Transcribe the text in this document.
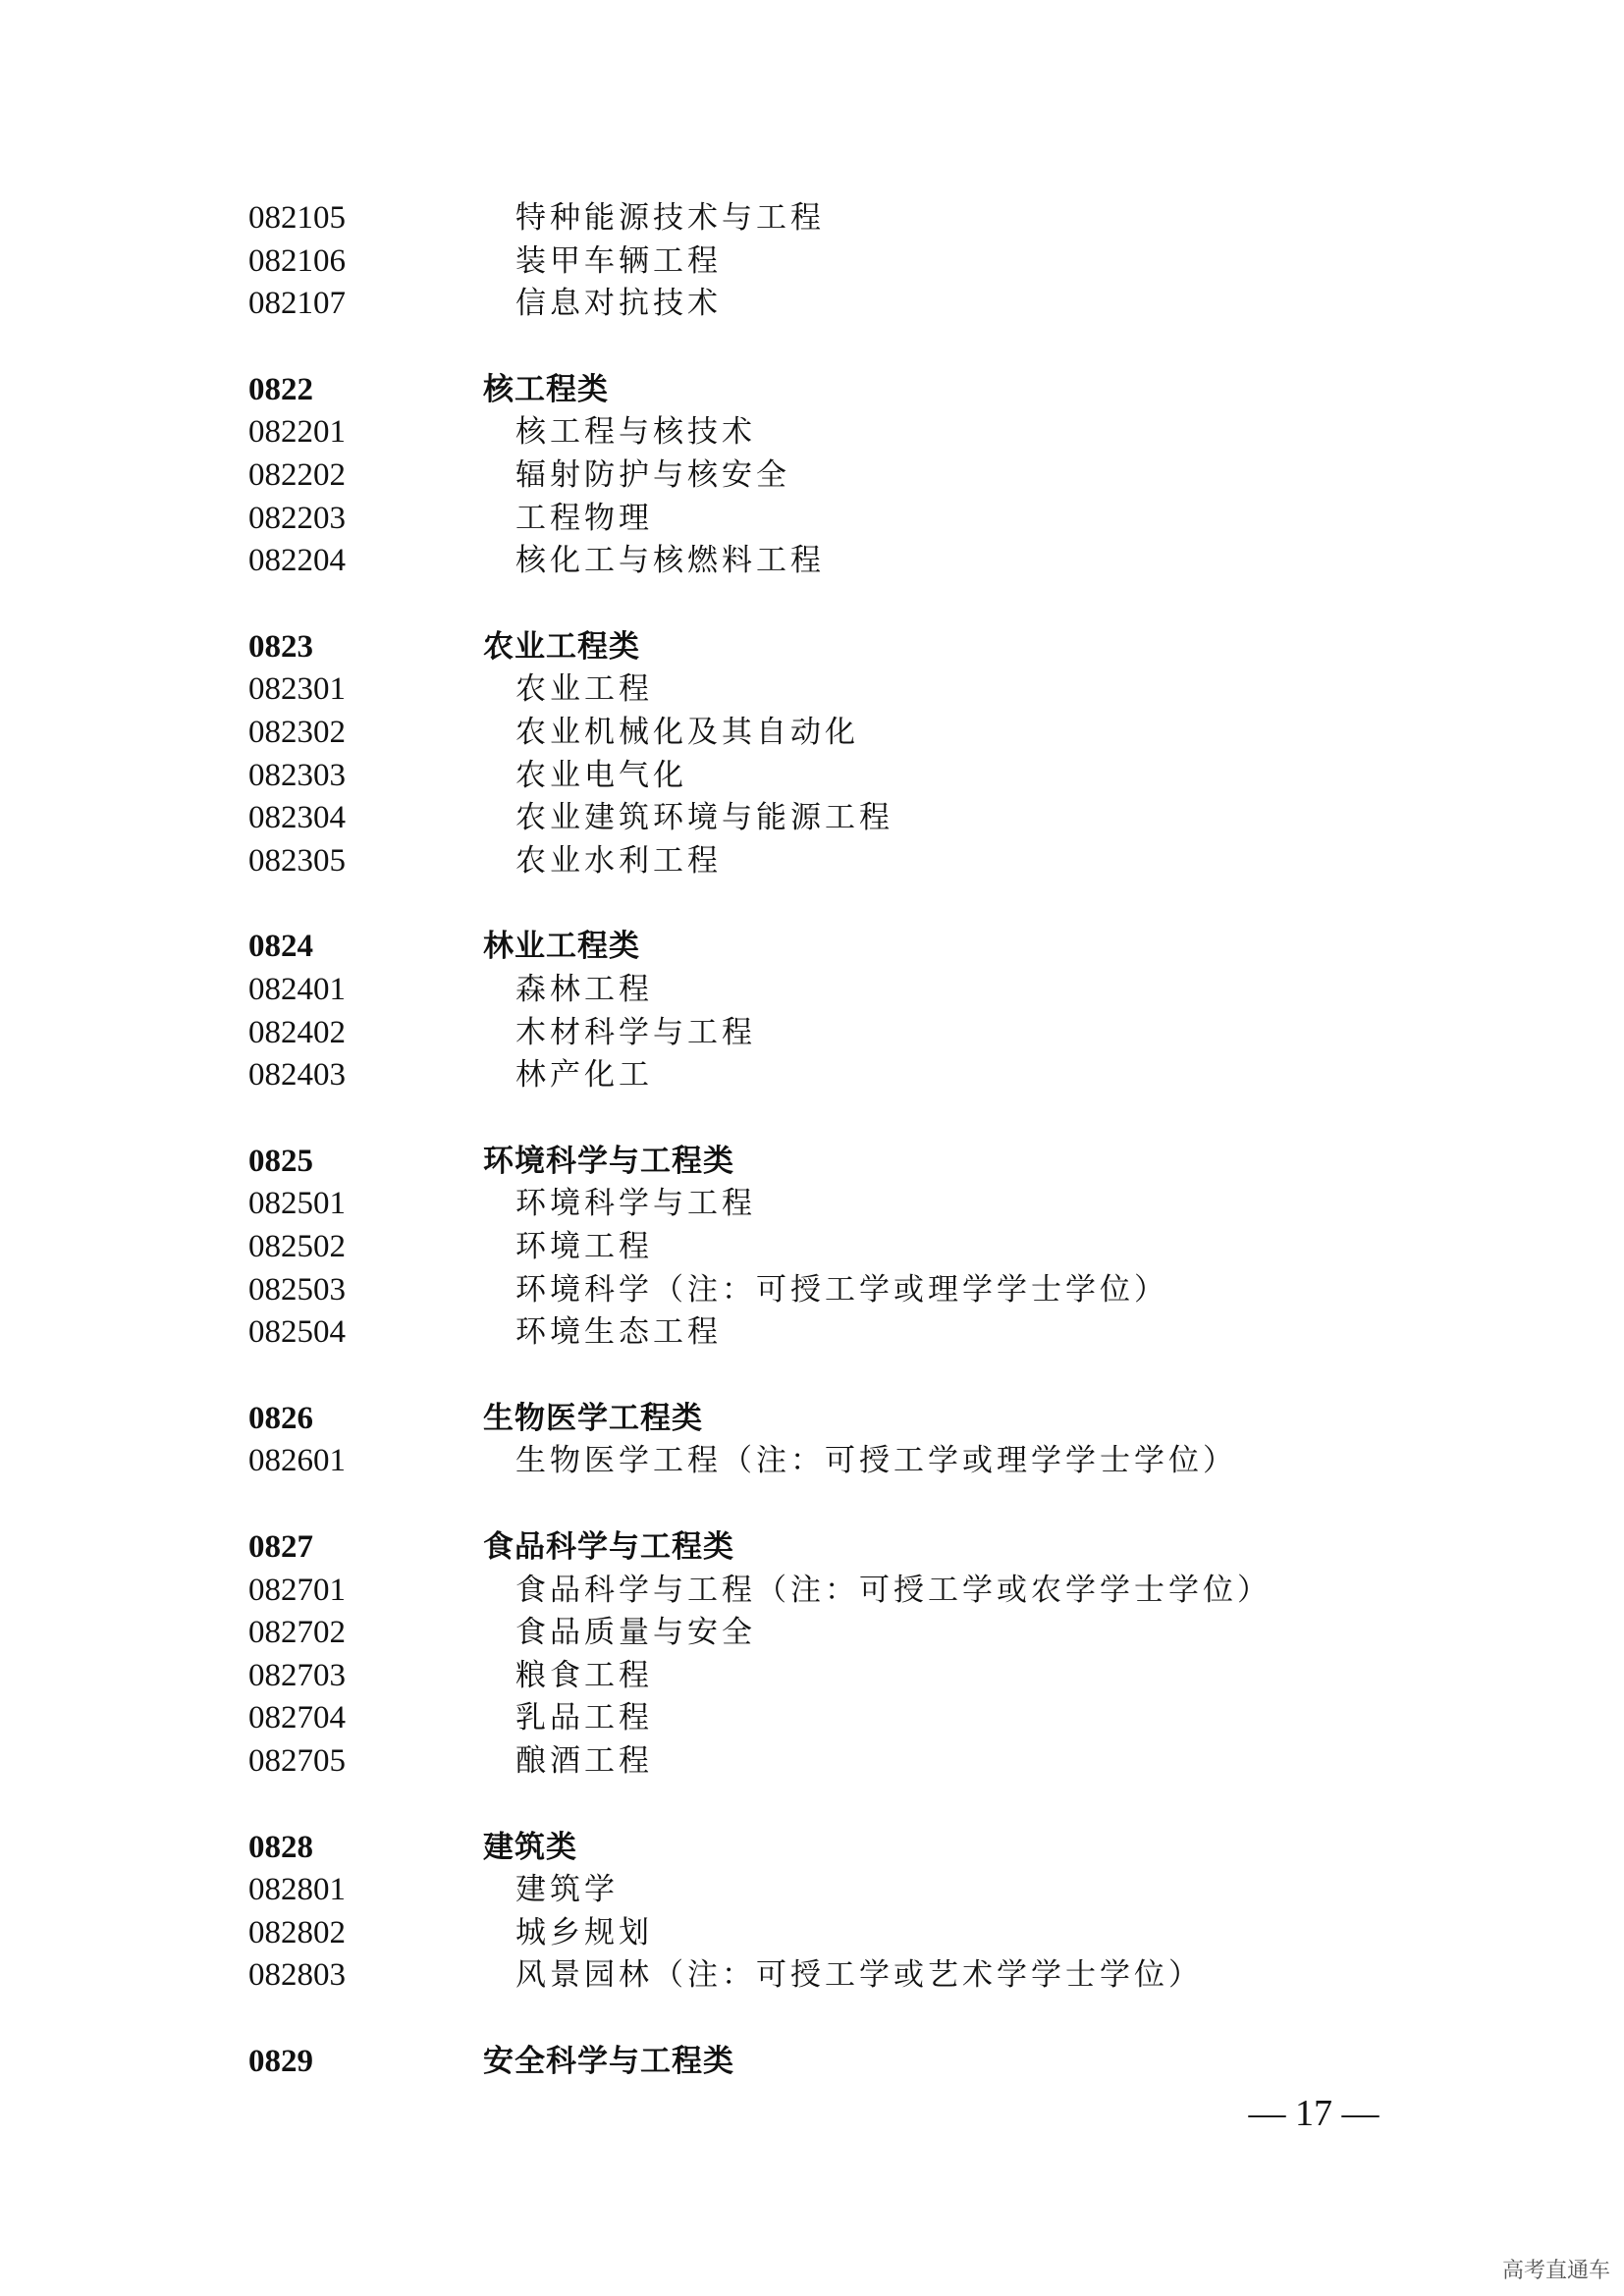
082105	特种能源技术与工程
082106	装甲车辆工程
082107	信息对抗技术
0822	核工程类
082201	核工程与核技术
082202	辐射防护与核安全
082203	工程物理
082204	核化工与核燃料工程
0823	农业工程类
082301	农业工程
082302	农业机械化及其自动化
082303	农业电气化
082304	农业建筑环境与能源工程
082305	农业水利工程
0824	林业工程类
082401	森林工程
082402	木材科学与工程
082403	林产化工
0825	环境科学与工程类
082501	环境科学与工程
082502	环境工程
082503	环境科学（注：可授工学或理学学士学位）
082504	环境生态工程
0826	生物医学工程类
082601	生物医学工程（注：可授工学或理学学士学位）
0827	食品科学与工程类
082701	食品科学与工程（注：可授工学或农学学士学位）
082702	食品质量与安全
082703	粮食工程
082704	乳品工程
082705	酿酒工程
0828	建筑类
082801	建筑学
082802	城乡规划
082803	风景园林（注：可授工学或艺术学学士学位）
0829	安全科学与工程类
— 17 —
高考直通车
